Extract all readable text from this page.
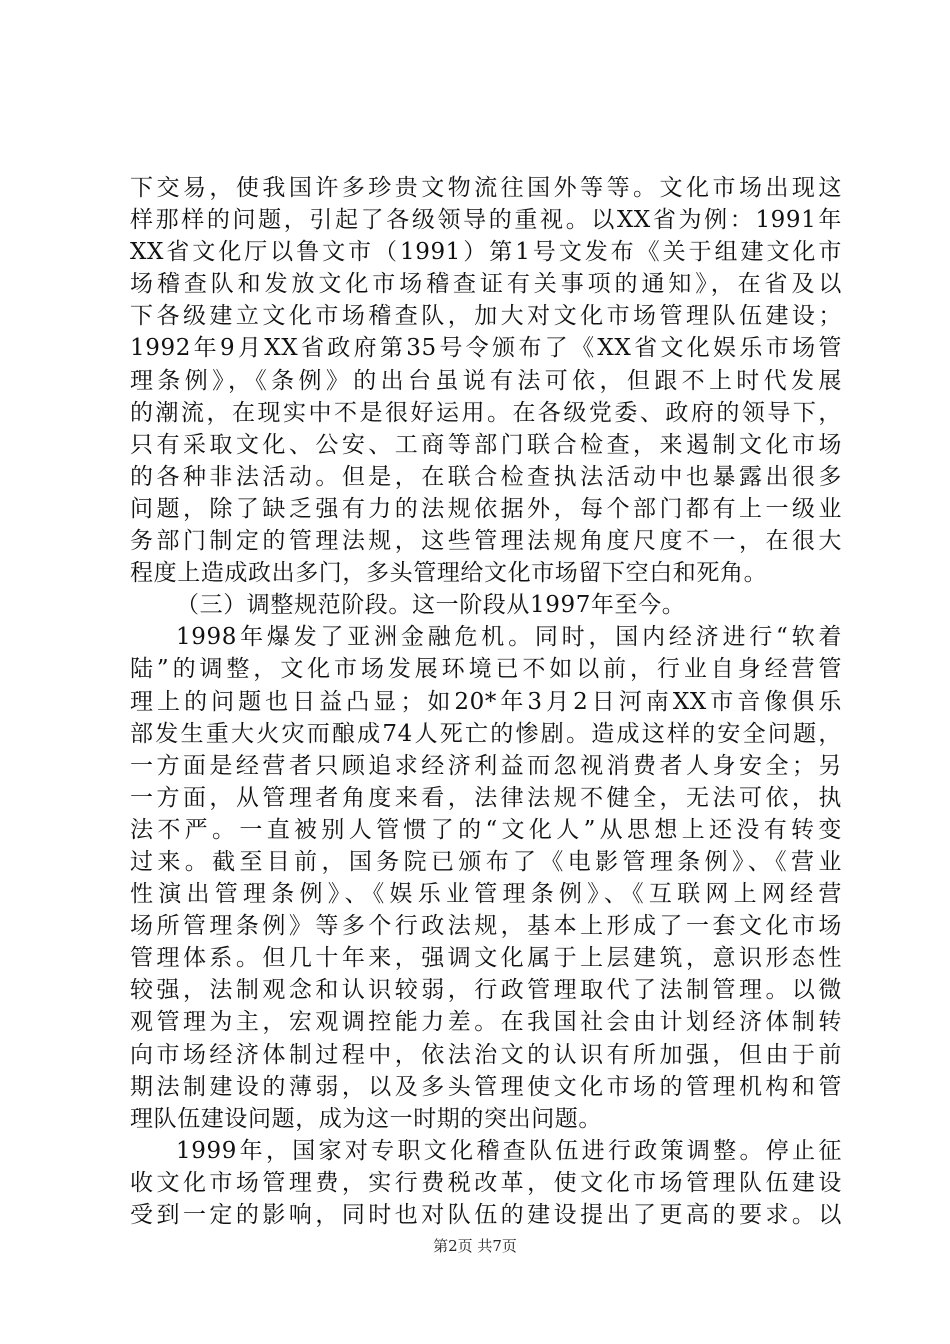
下交易，使我国许多珍贵文物流往国外等等。文化市场出现这
样那样的问题，引起了各级领导的重视。以XX省为例：1991年
XX省文化厅以鲁文市（1991）第1号文发布《关于组建文化市
场稽查队和发放文化市场稽查证有关事项的通知》，在省及以
下各级建立文化市场稽查队，加大对文化市场管理队伍建设；
1992年9月XX省政府第35号令颁布了《XX省文化娱乐市场管
理条例》，《条例》的出台虽说有法可依，但跟不上时代发展
的潮流，在现实中不是很好运用。在各级党委、政府的领导下，
只有采取文化、公安、工商等部门联合检查，来遏制文化市场
的各种非法活动。但是，在联合检查执法活动中也暴露出很多
问题，除了缺乏强有力的法规依据外，每个部门都有上一级业
务部门制定的管理法规，这些管理法规角度尺度不一，在很大
程度上造成政出多门，多头管理给文化市场留下空白和死角。
（三）调整规范阶段。这一阶段从1997年至今。
1998年爆发了亚洲金融危机。同时，国内经济进行“软着
陆”的调整，文化市场发展环境已不如以前，行业自身经营管
理上的问题也日益凸显；如20*年3月2日河南XX市音像俱乐
部发生重大火灾而酿成74人死亡的惨剧。造成这样的安全问题，
一方面是经营者只顾追求经济利益而忽视消费者人身安全；另
一方面，从管理者角度来看，法律法规不健全，无法可依，执
法不严。一直被别人管惯了的“文化人”从思想上还没有转变
过来。截至目前，国务院已颁布了《电影管理条例》、《营业
性演出管理条例》、《娱乐业管理条例》、《互联网上网经营
场所管理条例》等多个行政法规，基本上形成了一套文化市场
管理体系。但几十年来，强调文化属于上层建筑，意识形态性
较强，法制观念和认识较弱，行政管理取代了法制管理。以微
观管理为主，宏观调控能力差。在我国社会由计划经济体制转
向市场经济体制过程中，依法治文的认识有所加强，但由于前
期法制建设的薄弱，以及多头管理使文化市场的管理机构和管
理队伍建设问题，成为这一时期的突出问题。
1999年，国家对专职文化稽查队伍进行政策调整。停止征
收文化市场管理费，实行费税改革，使文化市场管理队伍建设
受到一定的影响，同时也对队伍的建设提出了更高的要求。以
第2页 共7页
